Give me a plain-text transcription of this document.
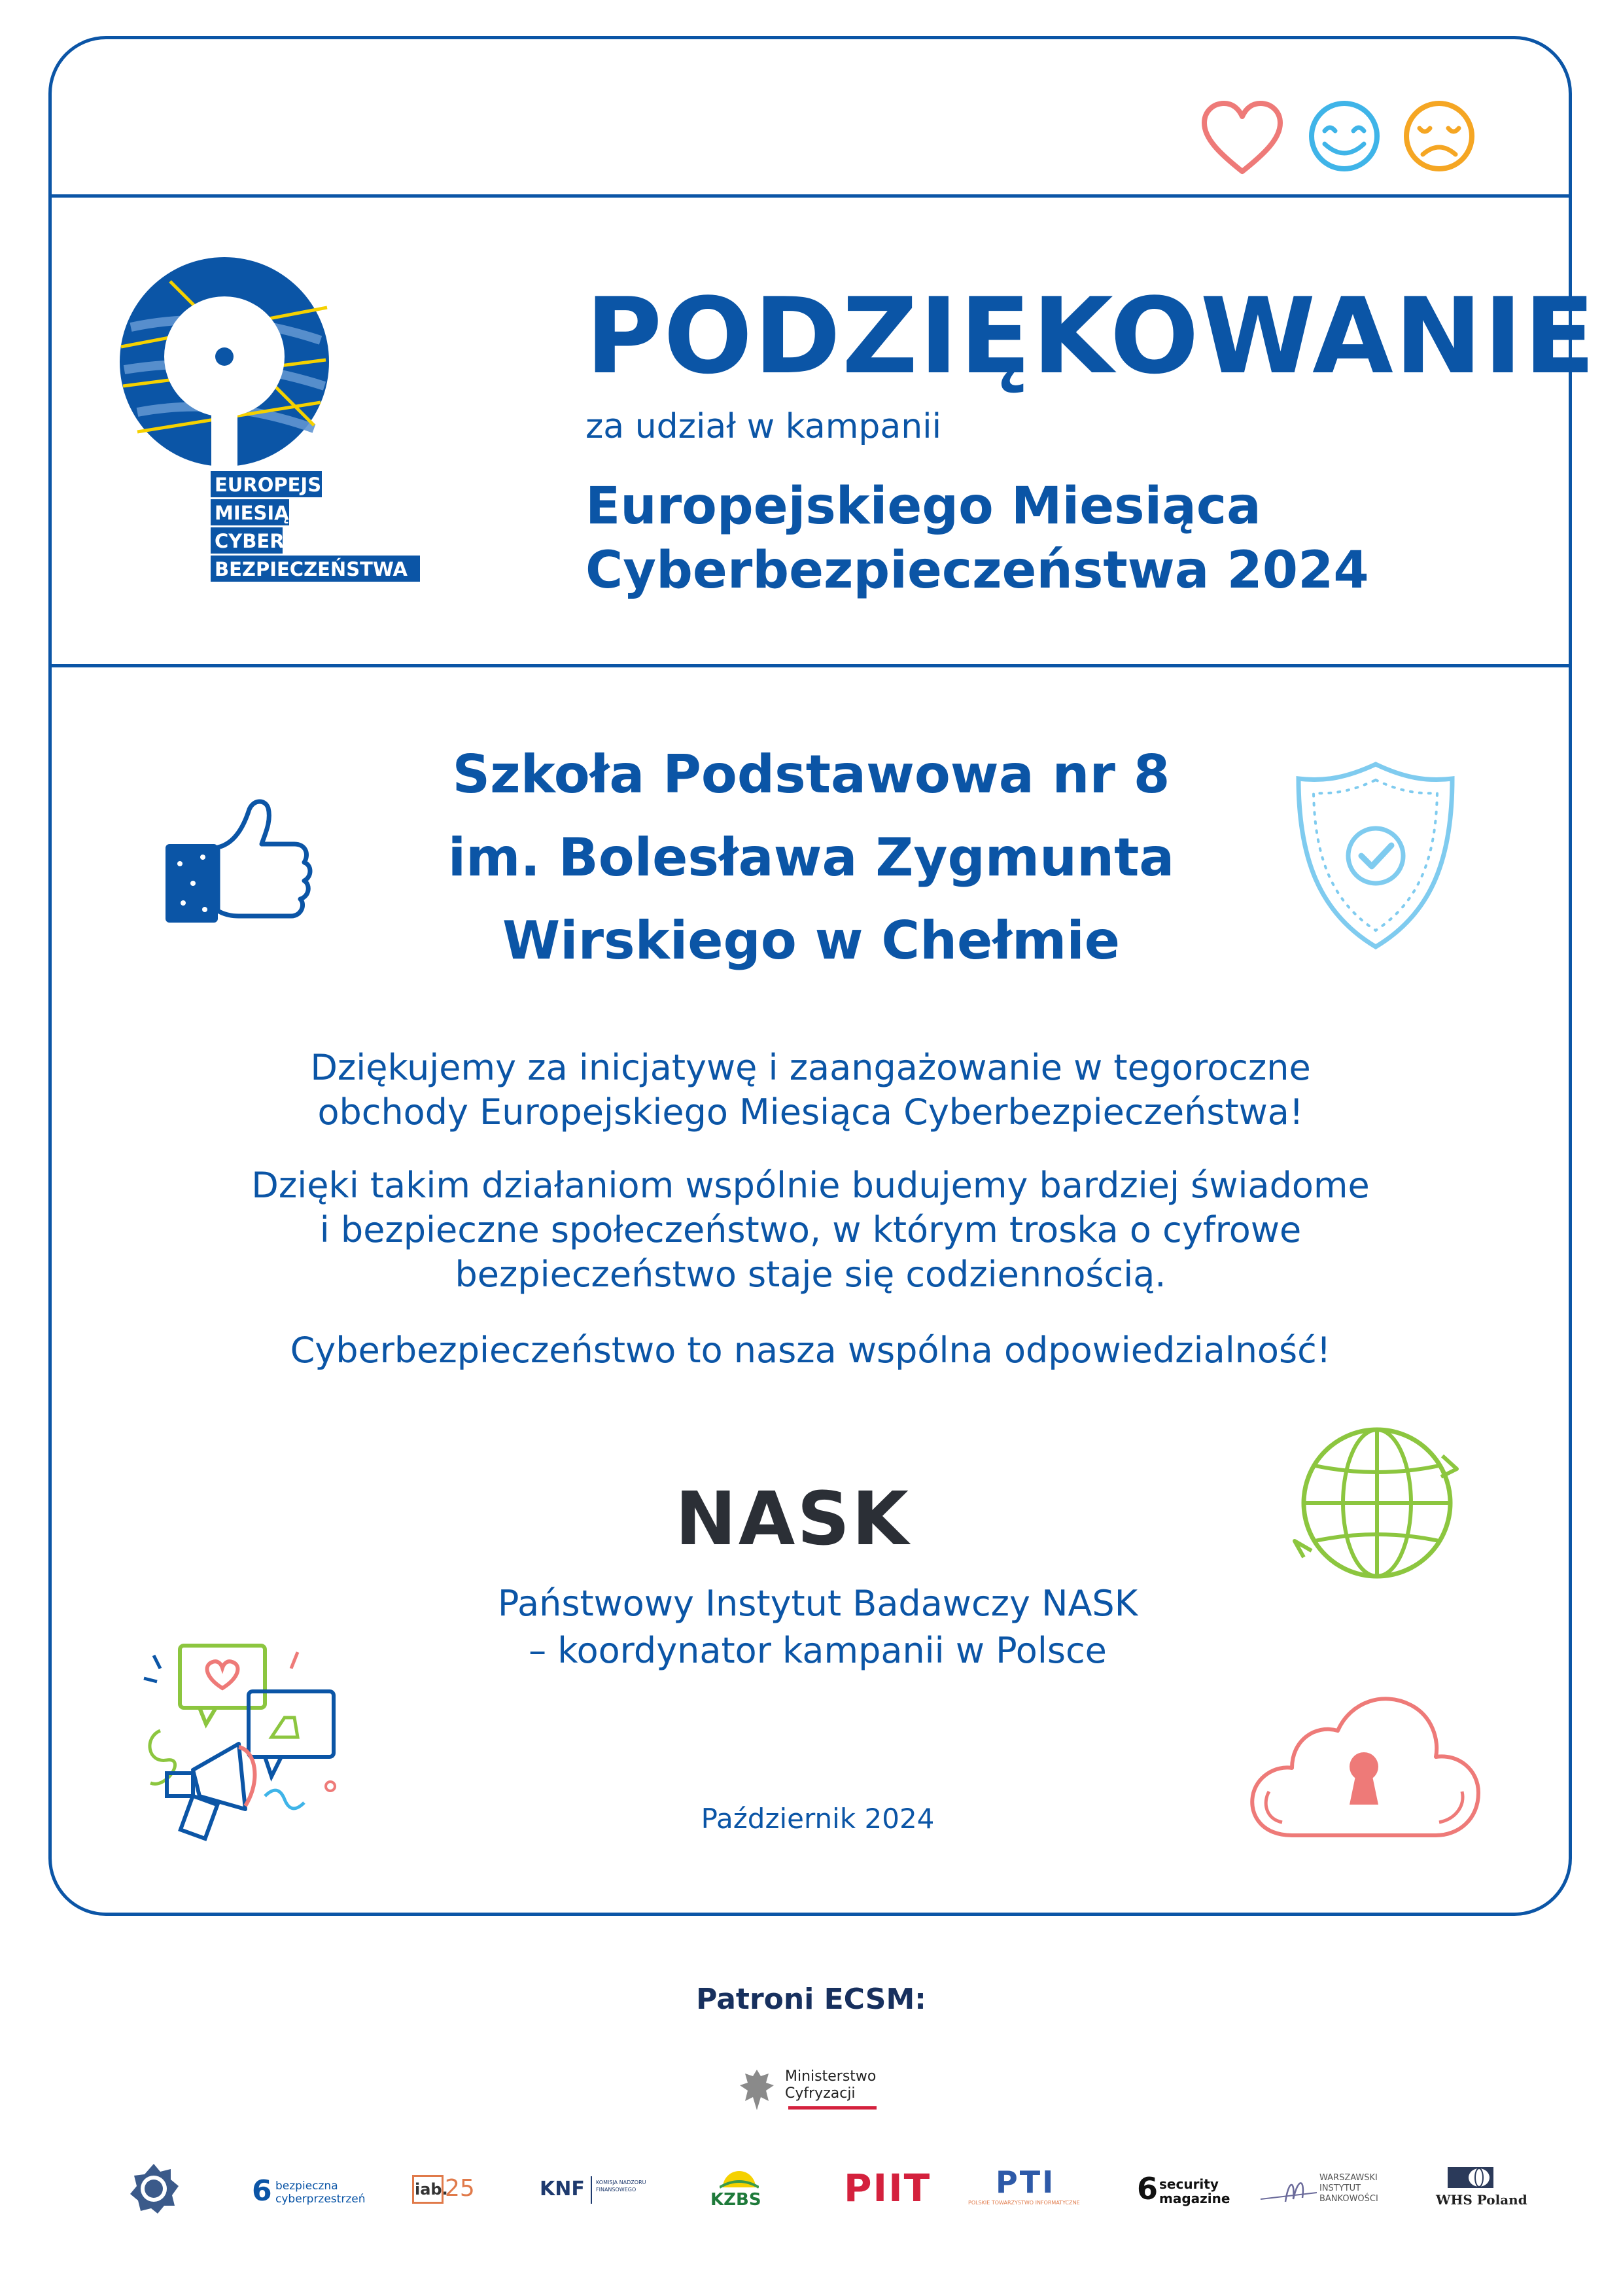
EUROPEJSKI
MIESIĄC
CYBER
BEZPIECZEŃSTWA
PODZIĘKOWANIE
za udział w kampanii
Europejskiego Miesiąca
Cyberbezpieczeństwa 2024
Szkoła Podstawowa nr 8
im. Bolesława Zygmunta
Wirskiego w Chełmie
Dziękujemy za inicjatywę i zaangażowanie w tegoroczne
obchody Europejskiego Miesiąca Cyberbezpieczeństwa!
Dzięki takim działaniom wspólnie budujemy bardziej świadome
i bezpieczne społeczeństwo, w którym troska o cyfrowe
bezpieczeństwo staje się codziennością.
Cyberbezpieczeństwo to nasza wspólna odpowiedzialność!
NASK
Państwowy Instytut Badawczy NASK
– koordynator kampanii w Polsce
Październik 2024
Patroni ECSM:
Ministerstwo
Cyfryzacji
6 bezpieczna
cyberprzestrzeń
iab.
25	KNF KOMISJA NADZORU FINANSOWEGO
KZBS PIIT PTI
POLSKIE TOWARZYSTWO INFORMATYCZNE 6 security
magazine
WARSZAWSKI
INSTYTUT
BANKOWOŚCI	WHS Poland
